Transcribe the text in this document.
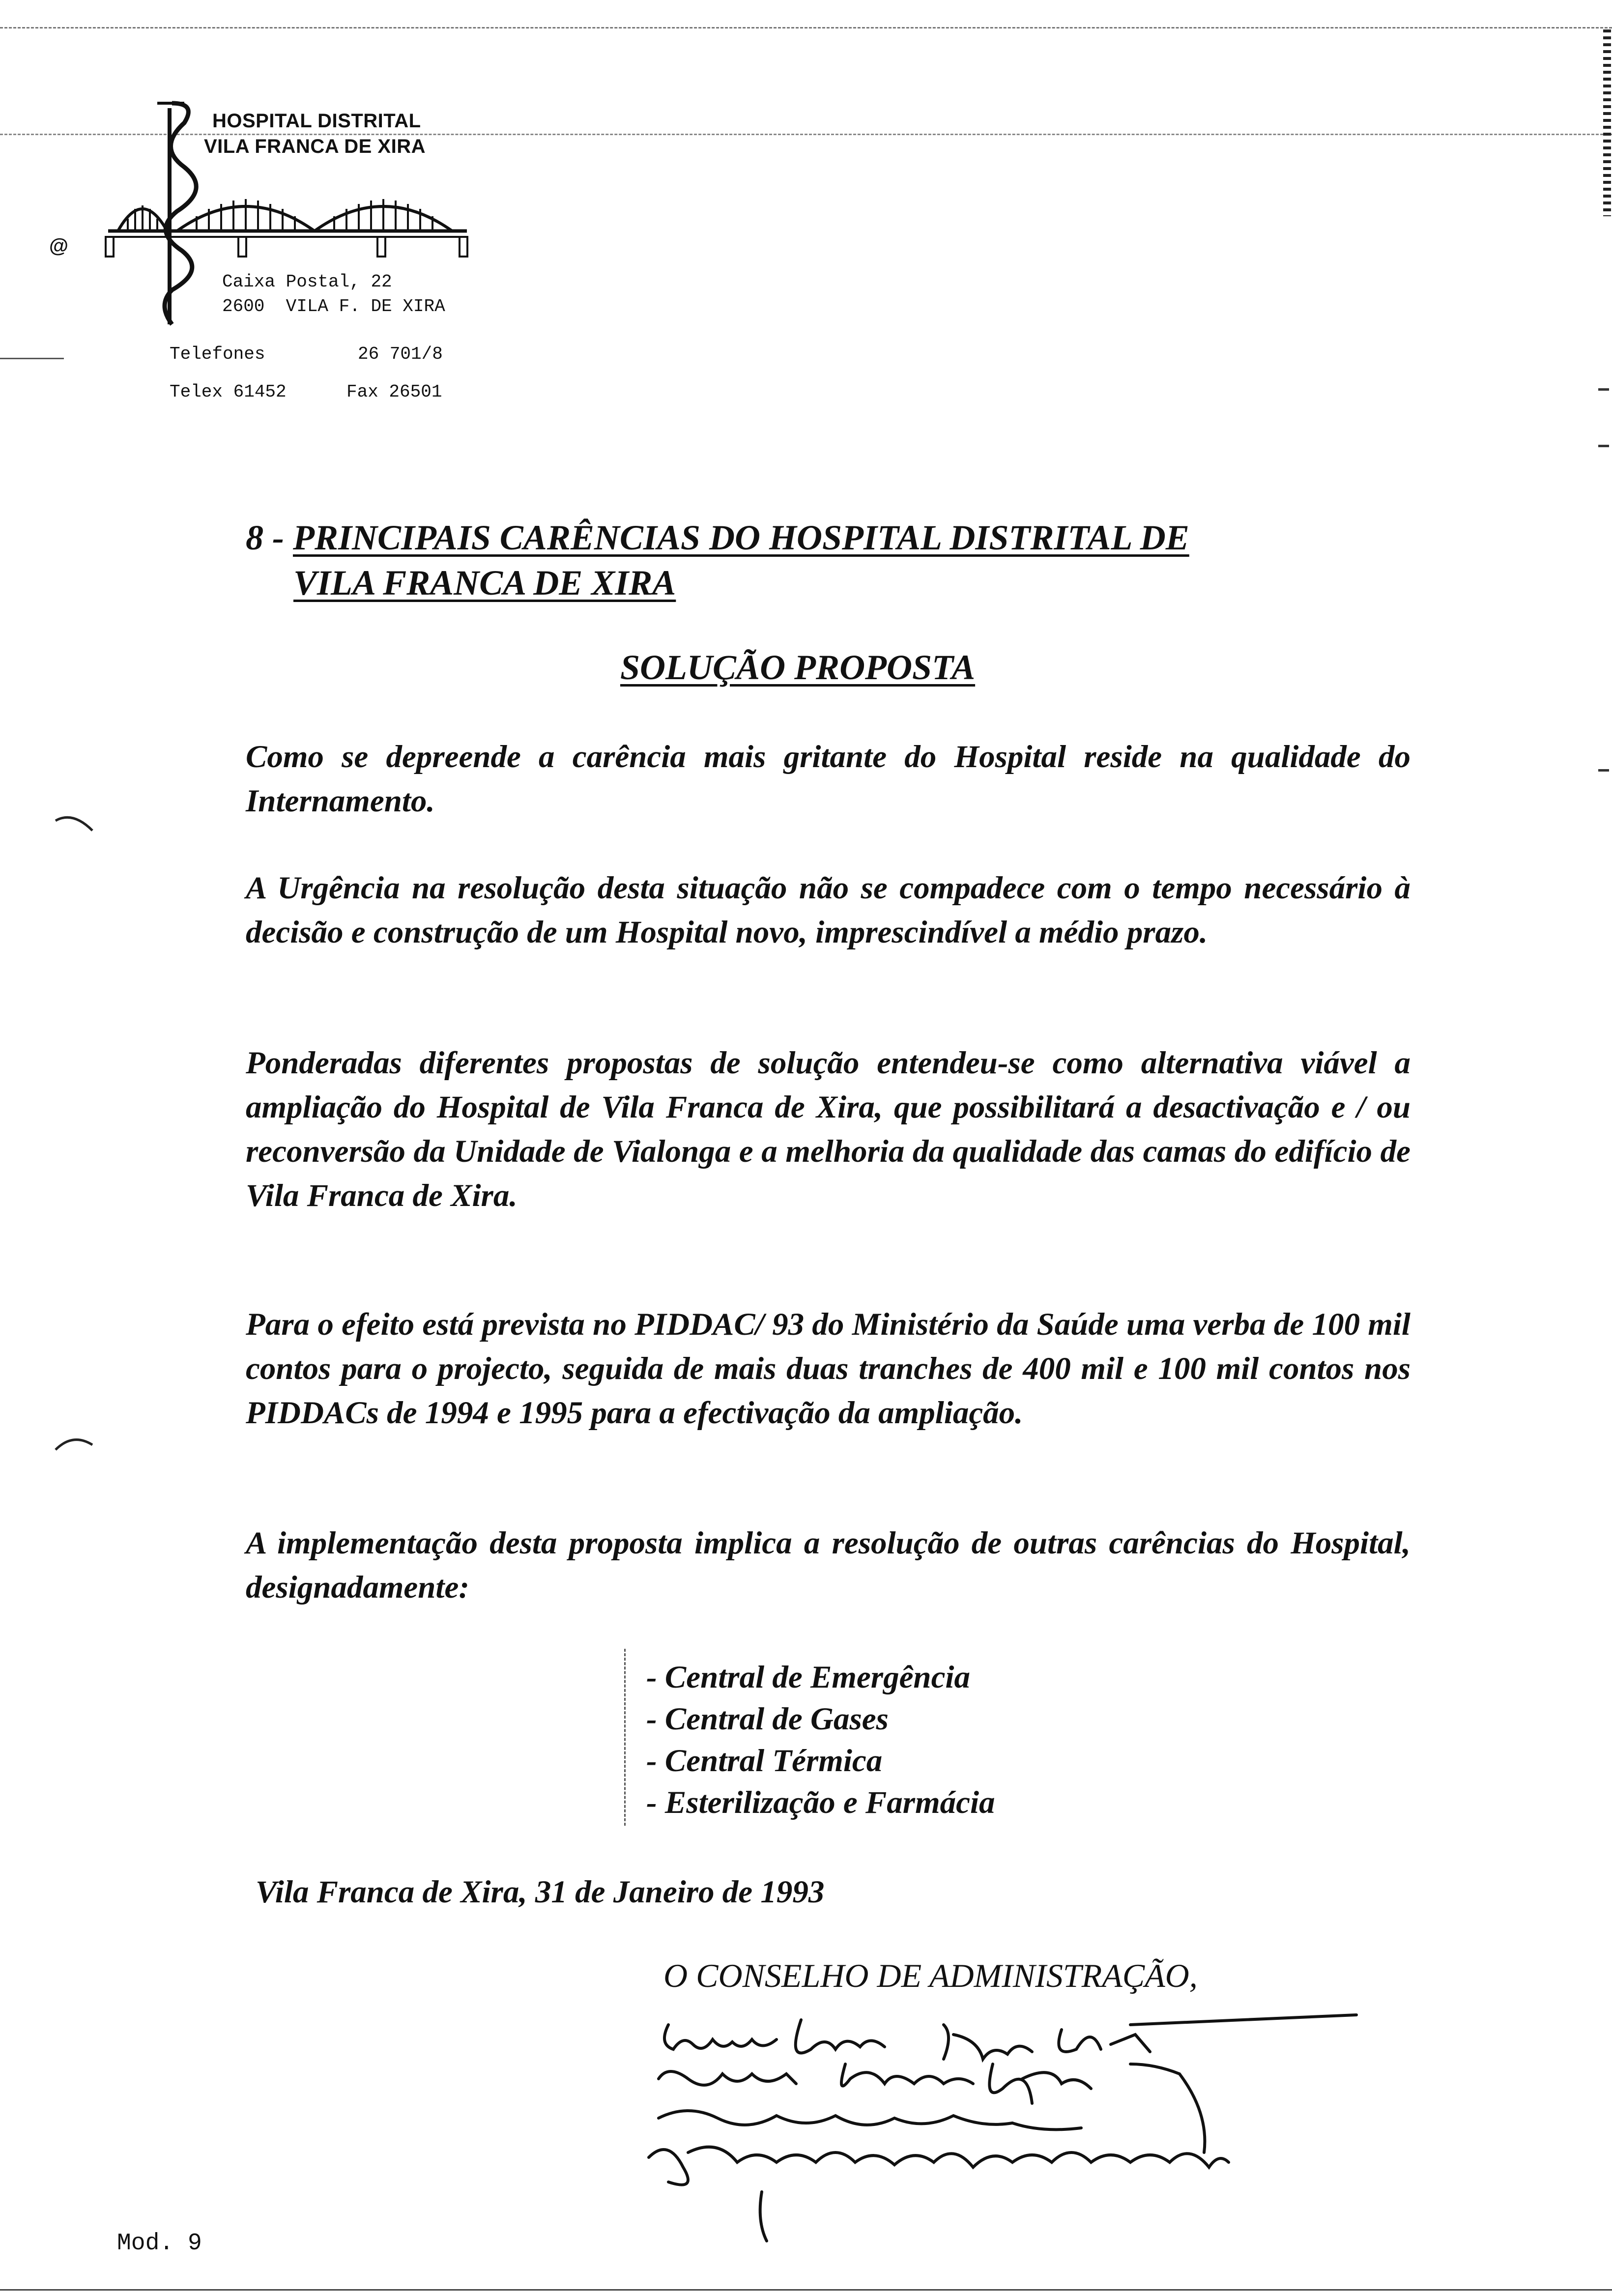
@
HOSPITAL DISTRITAL
VILA FRANCA DE XIRA
Caixa Postal, 22
2600  VILA F. DE XIRA
Telefones	26 701/8
Telex 61452	Fax 26501
8 - PRINCIPAIS CARÊNCIAS DO HOSPITAL DISTRITAL DE
VILA FRANCA DE XIRA
SOLUÇÃO PROPOSTA

Como se depreende a carência mais gritante do Hospital reside na qualidade do Internamento.

A Urgência na resolução desta situação não se compadece com o tempo necessário à decisão e construção de um Hospital novo, imprescindível a médio prazo.

Ponderadas diferentes propostas de solução entendeu-se como alternativa viável a ampliação do Hospital de Vila Franca de Xira, que possibilitará a desactivação e / ou reconversão da Unidade de Vialonga e a melhoria da qualidade das camas do edifício de Vila Franca de Xira.

Para o efeito está prevista no PIDDAC/ 93 do Ministério da Saúde uma verba de 100 mil contos para o projecto, seguida de mais duas tranches de 400 mil e 100 mil contos nos PIDDACs de 1994 e 1995 para a efectivação da ampliação.

A implementação desta proposta implica a resolução de outras carências do Hospital, designadamente:

- Central de Emergência
- Central de Gases
- Central Térmica
- Esterilização e Farmácia
Vila Franca de Xira, 31 de Janeiro de 1993
O CONSELHO DE ADMINISTRAÇÃO,
Mod. 9
